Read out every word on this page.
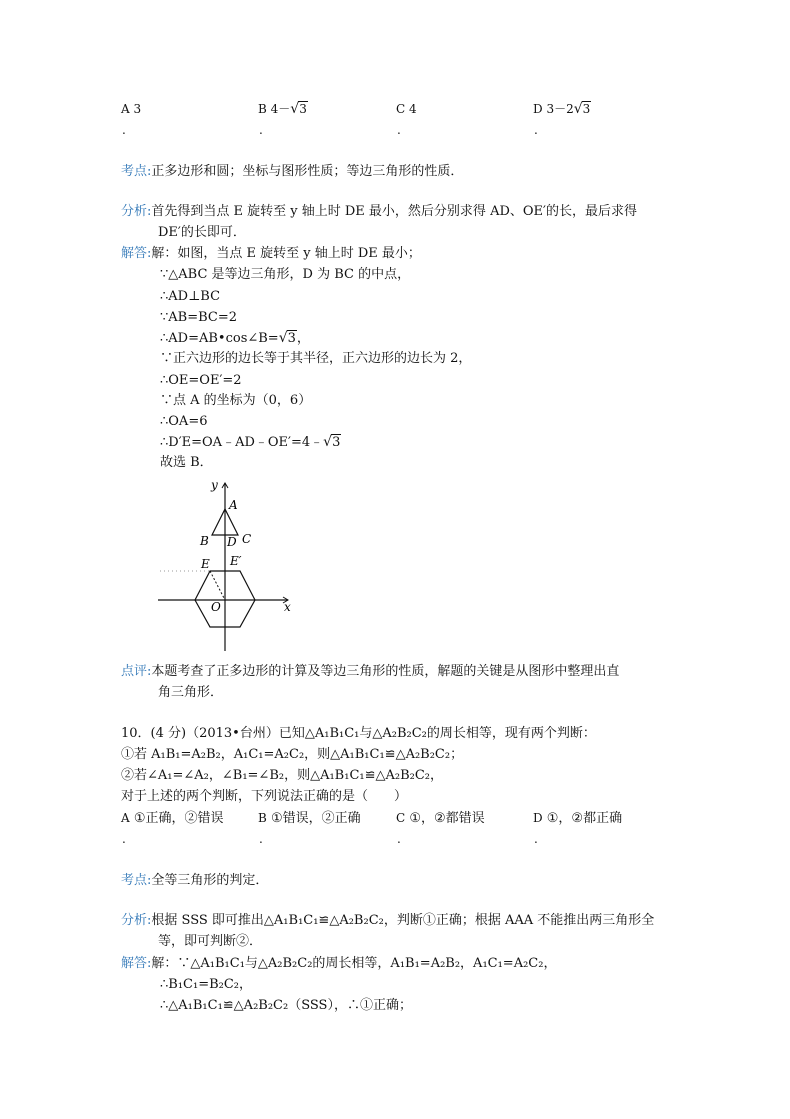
A 3
.
B 4－√3
.
C 4
.
D 3－2√3
.
考点:正多边形和圆；坐标与图形性质；等边三角形的性质．
分析:首先得到当点 E 旋转至 y 轴上时 DE 最小，然后分别求得 AD、OE′的长，最后求得
DE′的长即可．
解答:解：如图，当点 E 旋转至 y 轴上时 DE 最小；
∵△ABC 是等边三角形，D 为 BC 的中点，
∴AD⊥BC
∵AB=BC=2
∴AD=AB•cos∠B=√3，
∵正六边形的边长等于其半径，正六边形的边长为 2，
∴OE=OE′=2
∵点 A 的坐标为（0，6）
∴OA=6
∴D′E=OA﹣AD﹣OE′=4﹣√3
故选 B．
y
A
B D C
E E′
O	x
点评:本题考查了正多边形的计算及等边三角形的性质，解题的关键是从图形中整理出直
角三角形．
10．(4 分)（2013•台州）已知△A₁B₁C₁与△A₂B₂C₂的周长相等，现有两个判断：
①若 A₁B₁=A₂B₂，A₁C₁=A₂C₂，则△A₁B₁C₁≌△A₂B₂C₂；
②若∠A₁=∠A₂，∠B₁=∠B₂，则△A₁B₁C₁≌△A₂B₂C₂，
对于上述的两个判断，下列说法正确的是（　　）
A ①正确，②错误
.
B ①错误，②正确
.
C ①，②都错误
.
D ①，②都正确
.
考点:全等三角形的判定．
分析:根据 SSS 即可推出△A₁B₁C₁≌△A₂B₂C₂，判断①正确；根据 AAA 不能推出两三角形全
等，即可判断②．
解答:解：∵△A₁B₁C₁与△A₂B₂C₂的周长相等，A₁B₁=A₂B₂，A₁C₁=A₂C₂，
∴B₁C₁=B₂C₂，
∴△A₁B₁C₁≌△A₂B₂C₂（SSS），∴①正确；
